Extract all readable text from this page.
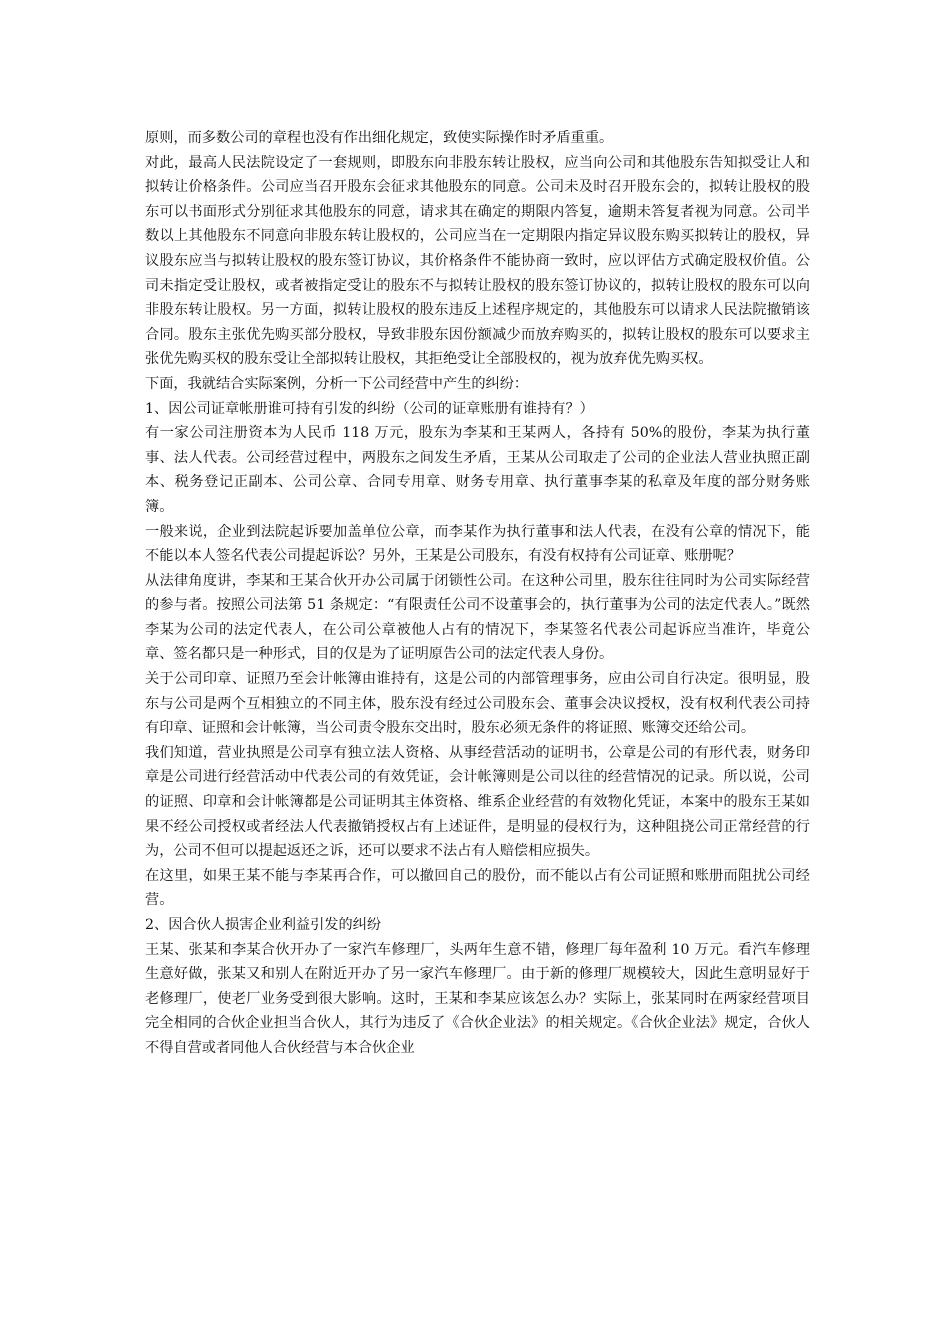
原则，而多数公司的章程也没有作出细化规定，致使实际操作时矛盾重重。

对此，最高人民法院设定了一套规则，即股东向非股东转让股权，应当向公司和其他股东告知拟受让人和拟转让价格条件。公司应当召开股东会征求其他股东的同意。公司未及时召开股东会的，拟转让股权的股东可以书面形式分别征求其他股东的同意，请求其在确定的期限内答复，逾期未答复者视为同意。公司半数以上其他股东不同意向非股东转让股权的，公司应当在一定期限内指定异议股东购买拟转让的股权，异议股东应当与拟转让股权的股东签订协议，其价格条件不能协商一致时，应以评估方式确定股权价值。公司未指定受让股权，或者被指定受让的股东不与拟转让股权的股东签订协议的，拟转让股权的股东可以向非股东转让股权。另一方面，拟转让股权的股东违反上述程序规定的，其他股东可以请求人民法院撤销该合同。股东主张优先购买部分股权，导致非股东因份额减少而放弃购买的，拟转让股权的股东可以要求主张优先购买权的股东受让全部拟转让股权，其拒绝受让全部股权的，视为放弃优先购买权。

下面，我就结合实际案例，分析一下公司经营中产生的纠纷：

1、因公司证章帐册谁可持有引发的纠纷（公司的证章账册有谁持有？）

有一家公司注册资本为人民币 118 万元，股东为李某和王某两人，各持有 50%的股份，李某为执行董事、法人代表。公司经营过程中，两股东之间发生矛盾，王某从公司取走了公司的企业法人营业执照正副本、税务登记正副本、公司公章、合同专用章、财务专用章、执行董事李某的私章及年度的部分财务账簿。

一般来说，企业到法院起诉要加盖单位公章，而李某作为执行董事和法人代表，在没有公章的情况下，能不能以本人签名代表公司提起诉讼？另外，王某是公司股东，有没有权持有公司证章、账册呢？

从法律角度讲，李某和王某合伙开办公司属于闭锁性公司。在这种公司里，股东往往同时为公司实际经营的参与者。按照公司法第 51 条规定：“有限责任公司不设董事会的，执行董事为公司的法定代表人。”既然李某为公司的法定代表人，在公司公章被他人占有的情况下，李某签名代表公司起诉应当准许，毕竟公章、签名都只是一种形式，目的仅是为了证明原告公司的法定代表人身份。

关于公司印章、证照乃至会计帐簿由谁持有，这是公司的内部管理事务，应由公司自行决定。很明显，股东与公司是两个互相独立的不同主体，股东没有经过公司股东会、董事会决议授权，没有权利代表公司持有印章、证照和会计帐簿，当公司责令股东交出时，股东必须无条件的将证照、账簿交还给公司。

我们知道，营业执照是公司享有独立法人资格、从事经营活动的证明书，公章是公司的有形代表，财务印章是公司进行经营活动中代表公司的有效凭证，会计帐簿则是公司以往的经营情况的记录。所以说，公司的证照、印章和会计帐簿都是公司证明其主体资格、维系企业经营的有效物化凭证，本案中的股东王某如果不经公司授权或者经法人代表撤销授权占有上述证件，是明显的侵权行为，这种阻挠公司正常经营的行为，公司不但可以提起返还之诉，还可以要求不法占有人赔偿相应损失。

在这里，如果王某不能与李某再合作，可以撤回自己的股份，而不能以占有公司证照和账册而阻扰公司经营。

2、因合伙人损害企业利益引发的纠纷

王某、张某和李某合伙开办了一家汽车修理厂，头两年生意不错，修理厂每年盈利 10 万元。看汽车修理生意好做，张某又和别人在附近开办了另一家汽车修理厂。由于新的修理厂规模较大，因此生意明显好于老修理厂，使老厂业务受到很大影响。这时，王某和李某应该怎么办？实际上，张某同时在两家经营项目完全相同的合伙企业担当合伙人，其行为违反了《合伙企业法》的相关规定。《合伙企业法》规定，合伙人不得自营或者同他人合伙经营与本合伙企业
